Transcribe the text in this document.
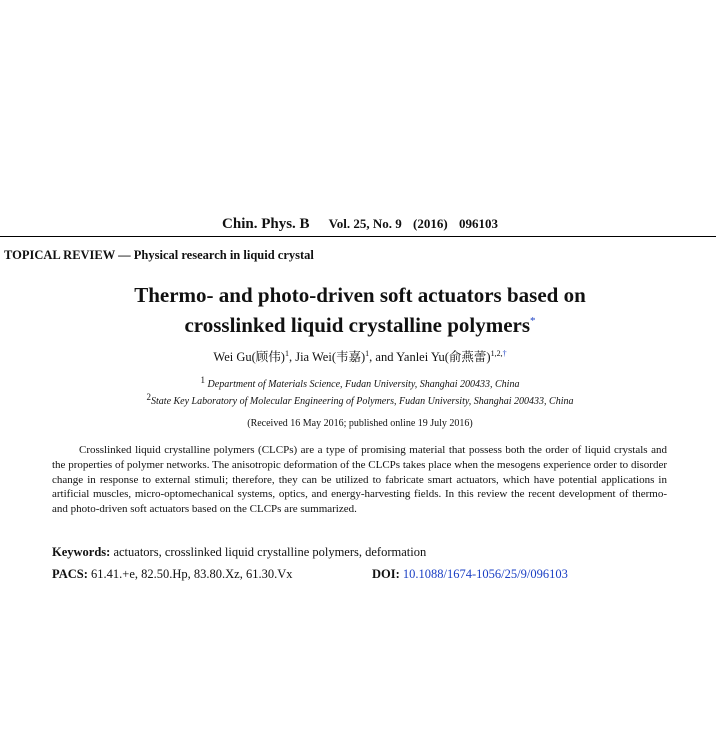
Chin. Phys. B Vol. 25, No. 9 (2016) 096103
TOPICAL REVIEW — Physical research in liquid crystal
Thermo- and photo-driven soft actuators based on
crosslinked liquid crystalline polymers*
Wei Gu(顾伟)$^1$, Jia Wei(韦嘉)$^1$, and Yanlei Yu(俞燕蕾)$^{1,2,\dagger}$
$^1$ Department of Materials Science, Fudan University, Shanghai 200433, China
$^2$State Key Laboratory of Molecular Engineering of Polymers, Fudan University, Shanghai 200433, China
(Received 16 May 2016; published online 19 July 2016)

Crosslinked liquid crystalline polymers (CLCPs) are a type of promising material that possess both the order of liquid crystals and the properties of polymer networks. The anisotropic deformation of the CLCPs takes place when the mesogens experience order to disorder change in response to external stimuli; therefore, they can be utilized to fabricate smart actuators, which have potential applications in artificial muscles, micro-optomechanical systems, optics, and energy-harvesting fields. In this review the recent development of thermo- and photo-driven soft actuators based on the CLCPs are summarized.

Keywords: actuators, crosslinked liquid crystalline polymers, deformation
PACS: 61.41.+e, 82.50.Hp, 83.80.Xz, 61.30.Vx	DOI: 10.1088/1674-1056/25/9/096103
